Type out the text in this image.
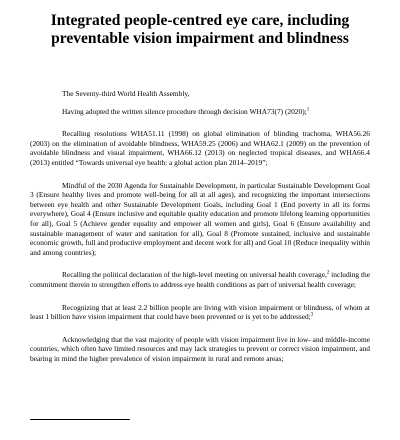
Integrated people-centred eye care, including
preventable vision impairment and blindness

The Seventy-third World Health Assembly,

Having adopted the written silence procedure through decision WHA73(7) (2020);$^1$

Recalling resolutions WHA51.11 (1998) on global elimination of blinding trachoma, WHA56.26 (2003) on the elimination of avoidable blindness, WHA59.25 (2006) and WHA62.1 (2009) on the prevention of avoidable blindness and visual impairment, WHA66.12 (2013) on neglected tropical diseases, and WHA66.4 (2013) entitled “Towards universal eye health: a global action plan 2014–2019”;

Mindful of the 2030 Agenda for Sustainable Development, in particular Sustainable Development Goal 3 (Ensure healthy lives and promote well-being for all at all ages), and recognizing the important intersections between eye health and other Sustainable Development Goals, including Goal 1 (End poverty in all its forms everywhere), Goal 4 (Ensure inclusive and equitable quality education and promote lifelong learning opportunities for all), Goal 5 (Achieve gender equality and empower all women and girls), Goal 6 (Ensure availability and sustainable management of water and sanitation for all), Goal 8 (Promote sustained, inclusive and sustainable economic growth, full and productive employment and decent work for all) and Goal 10 (Reduce inequality within and among countries);

Recalling the political declaration of the high-level meeting on universal health coverage,$^2$ including the commitment therein to strengthen efforts to address eye health conditions as part of universal health coverage;

Recognizing that at least 2.2 billion people are living with vision impairment or blindness, of whom at least 1 billion have vision impairment that could have been prevented or is yet to be addressed;$^3$

Acknowledging that the vast majority of people with vision impairment live in low- and middle-income countries, which often have limited resources and may lack strategies to prevent or correct vision impairment, and bearing in mind the higher prevalence of vision impairment in rural and remote areas;
